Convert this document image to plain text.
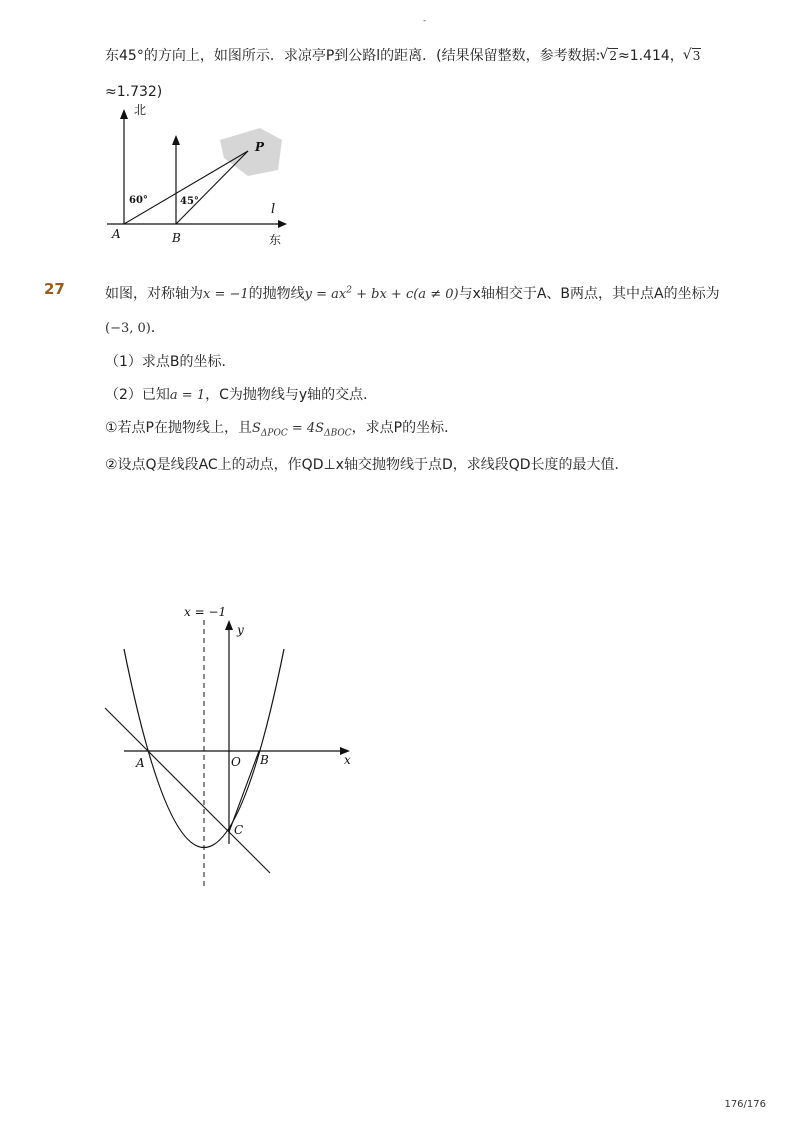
-
东45°的方向上，如图所示．求凉亭P到公路l的距离．(结果保留整数，参考数据: √ 2≈1.414， √ 3
≈1.732)
北
东
A	B
P
l
60°	45°
27	如图，对称轴为x = −1的抛物线$y = ax^2$ + bx + c(a ≠ 0)与x轴相交于A、B两点，其中点A的坐标为
(−3, 0)．
（1）求点B的坐标．
（2）已知a = 1，C为抛物线与y轴的交点．
①若点P在抛物线上，且$S_{\Delta POC} = 4S_{\Delta BOC}$，求点P的坐标．
②设点Q是线段AC上的动点，作QD⊥x轴交抛物线于点D，求线段QD长度的最大值．
x = −1
y
x
A	O B
C
176/176
